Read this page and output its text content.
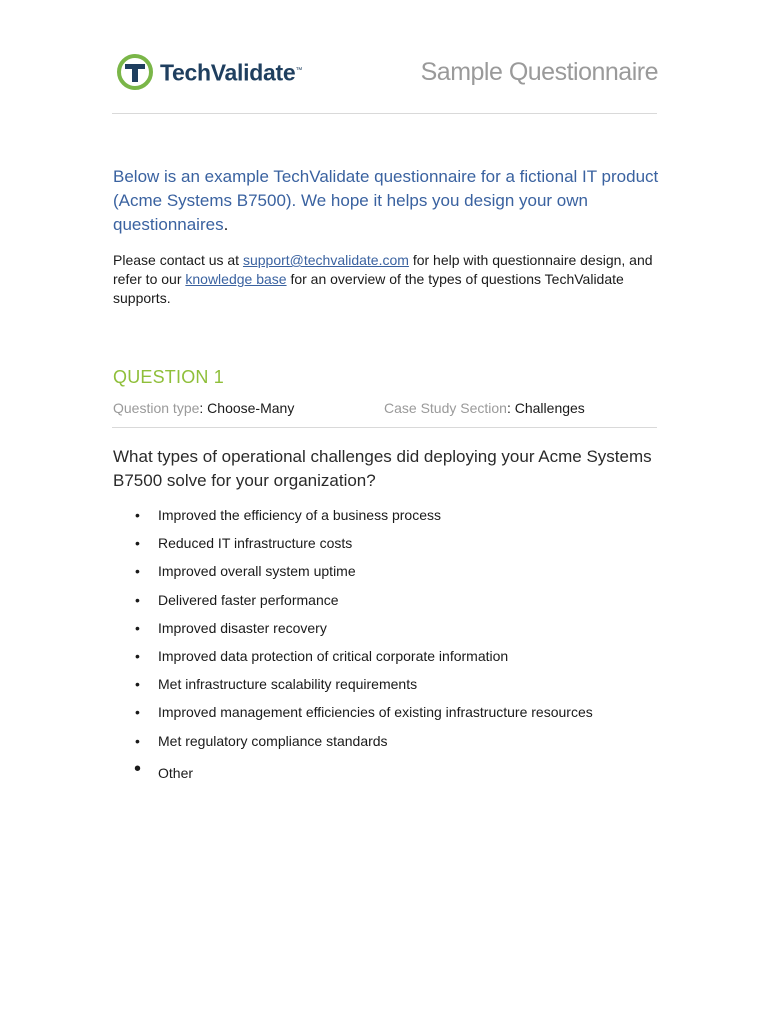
TechValidate™	Sample Questionnaire

Below is an example TechValidate questionnaire for a fictional IT product (Acme Systems B7500). We hope it helps you design your own questionnaires.

Please contact us at support@techvalidate.com for help with questionnaire design, and refer to our knowledge base for an overview of the types of questions TechValidate supports.

QUESTION 1

Question type: Choose-Many	Case Study Section: Challenges

What types of operational challenges did deploying your Acme Systems B7500 solve for your organization?

• Improved the efficiency of a business process
• Reduced IT infrastructure costs
• Improved overall system uptime
• Delivered faster performance
• Improved disaster recovery
• Improved data protection of critical corporate information
• Met infrastructure scalability requirements
• Improved management efficiencies of existing infrastructure resources
• Met regulatory compliance standards
• Other
